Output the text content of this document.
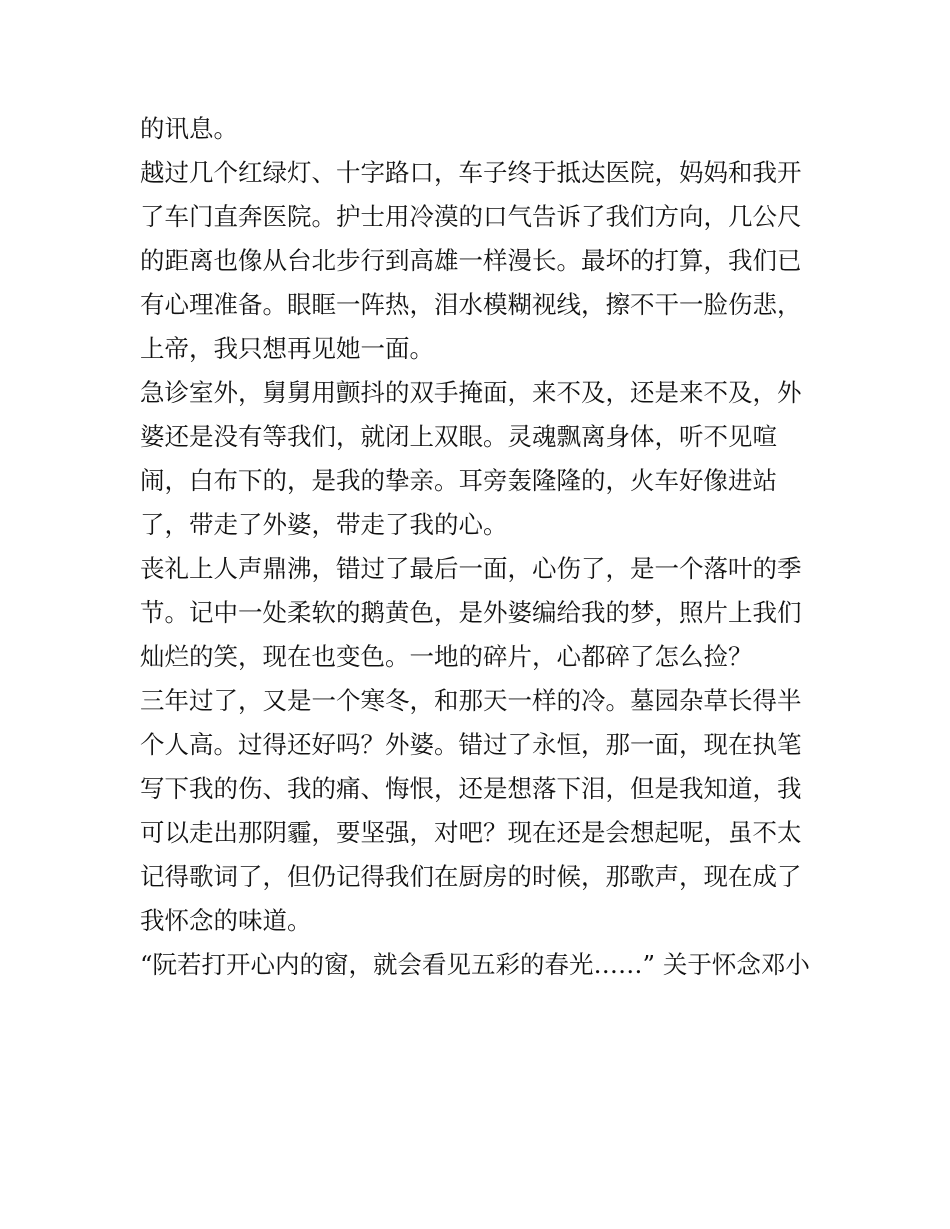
的讯息。
越过几个红绿灯、十字路口，车子终于抵达医院，妈妈和我开
了车门直奔医院。护士用冷漠的口气告诉了我们方向，几公尺
的距离也像从台北步行到高雄一样漫长。最坏的打算，我们已
有心理准备。眼眶一阵热，泪水模糊视线，擦不干一脸伤悲，
上帝，我只想再见她一面。
急诊室外，舅舅用颤抖的双手掩面，来不及，还是来不及，外
婆还是没有等我们，就闭上双眼。灵魂飘离身体，听不见喧
闹，白布下的，是我的挚亲。耳旁轰隆隆的，火车好像进站
了，带走了外婆，带走了我的心。
丧礼上人声鼎沸，错过了最后一面，心伤了，是一个落叶的季
节。记中一处柔软的鹅黄色，是外婆编给我的梦，照片上我们
灿烂的笑，现在也变色。一地的碎片，心都碎了怎么捡？
三年过了，又是一个寒冬，和那天一样的冷。墓园杂草长得半
个人高。过得还好吗？外婆。错过了永恒，那一面，现在执笔
写下我的伤、我的痛、悔恨，还是想落下泪，但是我知道，我
可以走出那阴霾，要坚强，对吧？现在还是会想起呢，虽不太
记得歌词了，但仍记得我们在厨房的时候，那歌声，现在成了
我怀念的味道。
“阮若打开心内的窗，就会看见五彩的春光……” 关于怀念邓小
